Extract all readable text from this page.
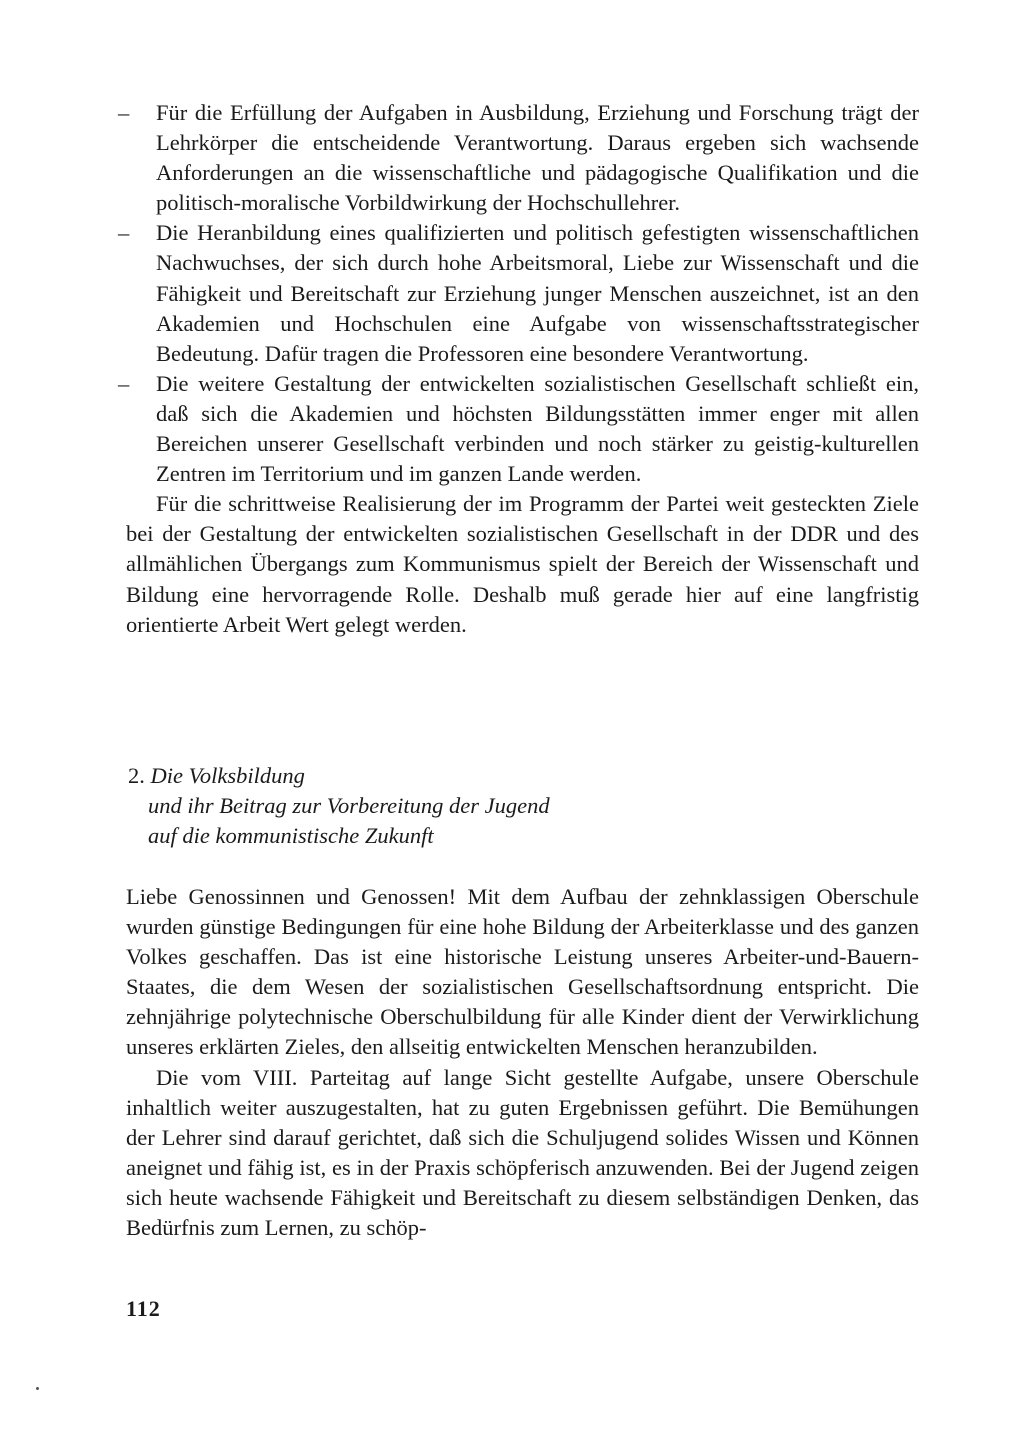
– Für die Erfüllung der Aufgaben in Ausbildung, Erziehung und Forschung trägt der Lehrkörper die entscheidende Verantwortung. Daraus ergeben sich wachsende Anforderungen an die wissenschaftliche und pädagogische Qualifikation und die politisch-moralische Vorbildwirkung der Hochschullehrer.

– Die Heranbildung eines qualifizierten und politisch gefestigten wissenschaftlichen Nachwuchses, der sich durch hohe Arbeitsmoral, Liebe zur Wissenschaft und die Fähigkeit und Bereitschaft zur Erziehung junger Menschen auszeichnet, ist an den Akademien und Hochschulen eine Aufgabe von wissenschaftsstrategischer Bedeutung. Dafür tragen die Professoren eine besondere Verantwortung.

– Die weitere Gestaltung der entwickelten sozialistischen Gesellschaft schließt ein, daß sich die Akademien und höchsten Bildungsstätten immer enger mit allen Bereichen unserer Gesellschaft verbinden und noch stärker zu geistig-kulturellen Zentren im Territorium und im ganzen Lande werden.

Für die schrittweise Realisierung der im Programm der Partei weit gesteckten Ziele bei der Gestaltung der entwickelten sozialistischen Gesellschaft in der DDR und des allmählichen Übergangs zum Kommunismus spielt der Bereich der Wissenschaft und Bildung eine hervorragende Rolle. Deshalb muß gerade hier auf eine langfristig orientierte Arbeit Wert gelegt werden.

2. Die Volksbildung
und ihr Beitrag zur Vorbereitung der Jugend
auf die kommunistische Zukunft

Liebe Genossinnen und Genossen! Mit dem Aufbau der zehnklassigen Oberschule wurden günstige Bedingungen für eine hohe Bildung der Arbeiterklasse und des ganzen Volkes geschaffen. Das ist eine historische Leistung unseres Arbeiter-und-Bauern-Staates, die dem Wesen der sozialistischen Gesellschaftsordnung entspricht. Die zehnjährige polytechnische Oberschulbildung für alle Kinder dient der Verwirklichung unseres erklärten Zieles, den allseitig entwickelten Menschen heranzubilden.

Die vom VIII. Parteitag auf lange Sicht gestellte Aufgabe, unsere Oberschule inhaltlich weiter auszugestalten, hat zu guten Ergebnissen geführt. Die Bemühungen der Lehrer sind darauf gerichtet, daß sich die Schuljugend solides Wissen und Können aneignet und fähig ist, es in der Praxis schöpferisch anzuwenden. Bei der Jugend zeigen sich heute wachsende Fähigkeit und Bereitschaft zu diesem selbständigen Denken, das Bedürfnis zum Lernen, zu schöp-

112
